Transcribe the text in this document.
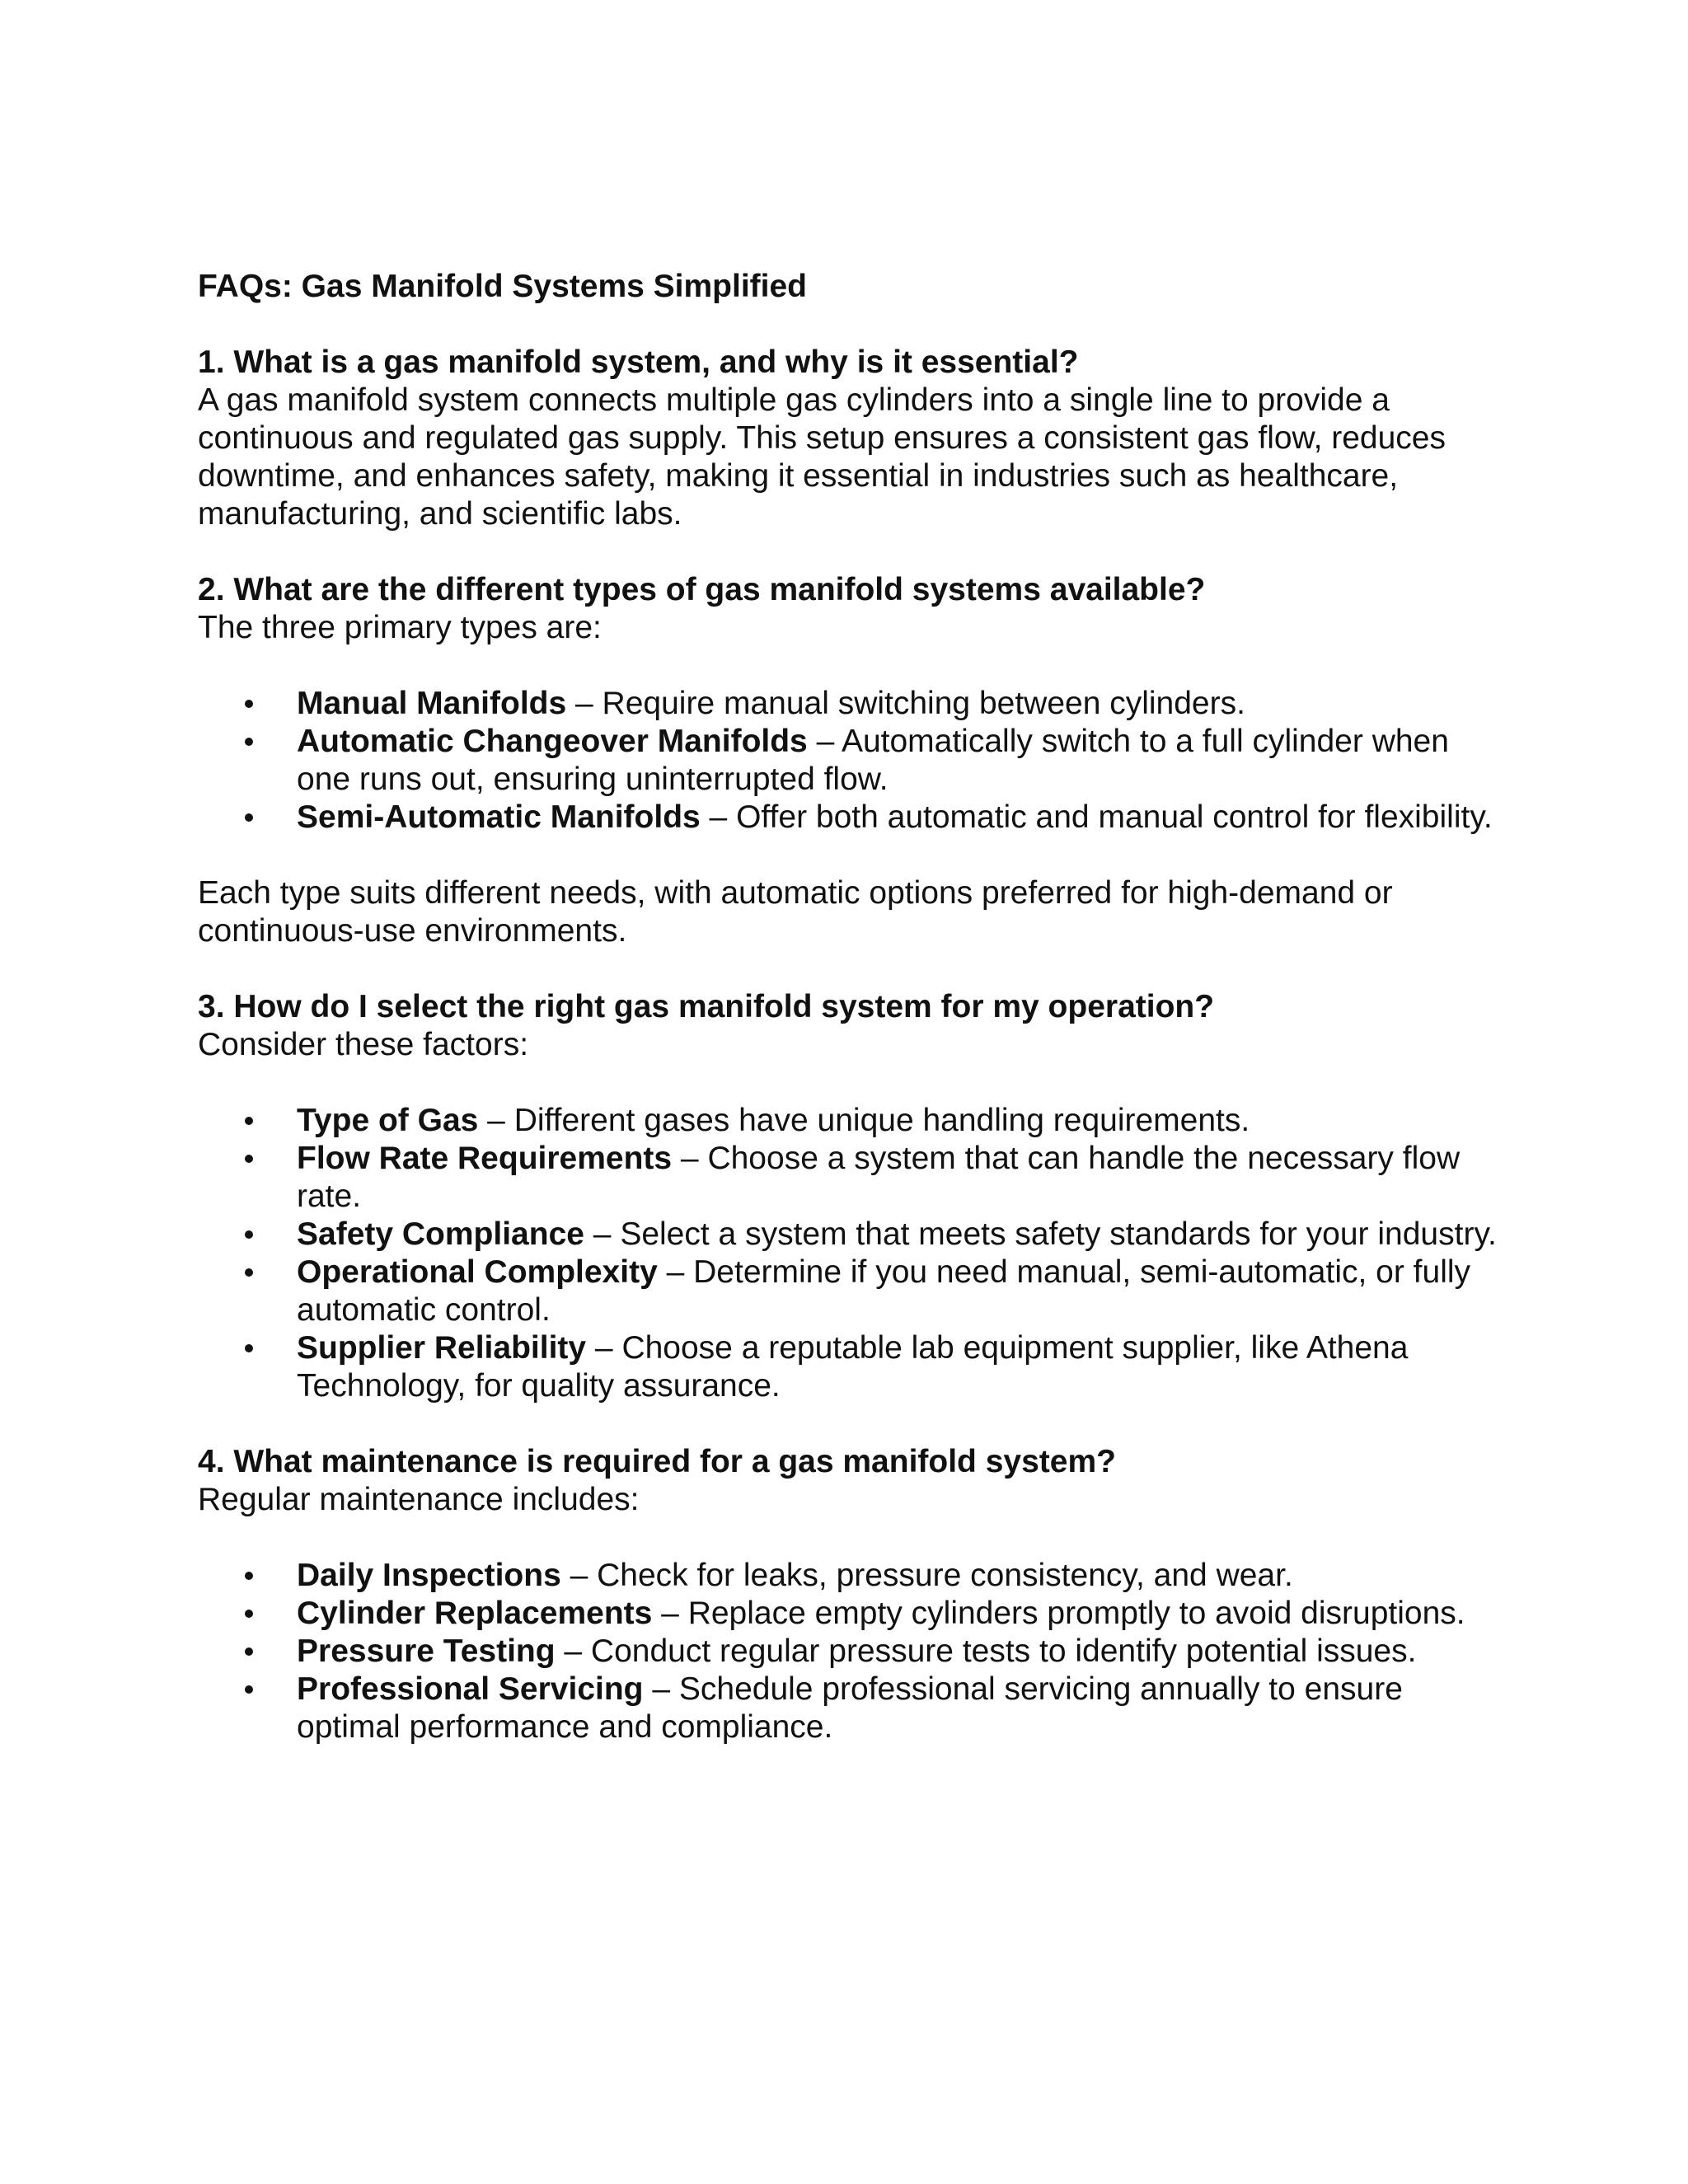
FAQs: Gas Manifold Systems Simplified

1. What is a gas manifold system, and why is it essential?

A gas manifold system connects multiple gas cylinders into a single line to provide a continuous and regulated gas supply. This setup ensures a consistent gas flow, reduces downtime, and enhances safety, making it essential in industries such as healthcare, manufacturing, and scientific labs.

2. What are the different types of gas manifold systems available?

The three primary types are:

Manual Manifolds – Require manual switching between cylinders.
Automatic Changeover Manifolds – Automatically switch to a full cylinder when one runs out, ensuring uninterrupted flow.
Semi-Automatic Manifolds – Offer both automatic and manual control for flexibility.

Each type suits different needs, with automatic options preferred for high-demand or continuous-use environments.

3. How do I select the right gas manifold system for my operation?

Consider these factors:

Type of Gas – Different gases have unique handling requirements.
Flow Rate Requirements – Choose a system that can handle the necessary flow rate.
Safety Compliance – Select a system that meets safety standards for your industry.
Operational Complexity – Determine if you need manual, semi-automatic, or fully automatic control.
Supplier Reliability – Choose a reputable lab equipment supplier, like Athena Technology, for quality assurance.

4. What maintenance is required for a gas manifold system?

Regular maintenance includes:

Daily Inspections – Check for leaks, pressure consistency, and wear.
Cylinder Replacements – Replace empty cylinders promptly to avoid disruptions.
Pressure Testing – Conduct regular pressure tests to identify potential issues.
Professional Servicing – Schedule professional servicing annually to ensure optimal performance and compliance.
